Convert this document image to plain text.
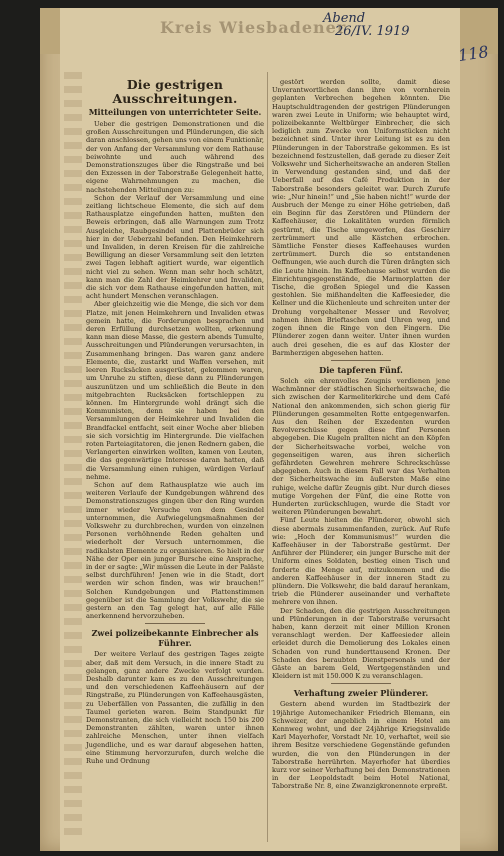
Kreis Wiesbadener
Abend
26/IV. 1919
118
Die gestrigen Ausschreitungen.
Mitteilungen von unterrichteter Seite.

Ueber die gestrigen Demonstrationen und die großen Ausschreitungen und Plünderungen, die sich daran anschlossen, gehen uns von einem Funktionär, der von Anfang der Versammlung vor dem Rathause beiwohnte und auch während des Demonstrationszuges über die Ringstraße und bei den Exzessen in der Taborstraße Gelegenheit hatte, eigene Wahrnehmungen zu machen, die nachstehenden Mitteilungen zu:

Schon der Verlauf der Versammlung und eine zeitlang lichtscheue Elemente, die sich auf dem Rathausplatze eingefunden hatten, mußten den Beweis erbringen, daß alle Warnungen zum Trotz Ausgleiche, Raubgesindel und Plattenbrüder sich hier in der Ueberzahl befanden. Den Heimkehrern und Invaliden, in deren Kreisen für die zahlreiche Bewilligung an dieser Versammlung seit den letzten zwei Tagen lebhaft agitiert wurde, war eigentlich nicht viel zu sehen. Wenn man sehr hoch schätzt, kann man die Zahl der Heimkehrer und Invaliden, die sich vor dem Rathause eingefunden hatten, mit acht hundert Menschen veranschlagen.

Aber gleichzeitig wie die Menge, die sich vor dem Platze, mit jenen Heimkehrern und Invaliden etwas gemein hatte, die Forderungen besprachen und deren Erfüllung durchsetzen wollten, erkennung kann man diese Masse, die gestern abends Tumulte, Ausschreitungen und Plünderungen verursachten, in Zusammenhang bringen. Das waren ganz andere Elemente, die, zustarkt und Waffen versehen, mit leeren Rucksäcken ausgerüstet, gekommen waren, um Unruhe zu stiften, diese dann zu Plünderungen auszunützen und um schließlich die Beute in den mitgebrachten Rucksäcken fortschleppen zu können. Im Hintergrunde wohl drängt sich die Kommunisten, denn sie haben bei den Versammlungen der Heimkehrer und Invaliden die Brandfackel entfacht, seit einer Woche aber blieben sie sich vorsichtig im Hintergrunde. Die vielfachen roten Parteiagitatoren, die jenen Rednern gaben, die Verlangerten einwirken wollten, kamen von Leuten, die das gegenwärtige Interesse daran hatten, daß die Versammlung einen ruhigen, würdigen Verlauf nehme.

Schon auf dem Rathausplatze wie auch im weiteren Verlaufe der Kundgebungen während des Demonstrationszuges gingen über den Ring wurden immer wieder Versuche von dem Gesindel unternommen, die Aufwiegelungsmaßnahmen der Volkswehr zu durchbrechen, wurden von einzelnen Personen verhöhnende Reden gehalten und wiederholt der Versuch unternommen, die radikalsten Elemente zu organisieren. So hielt in der Nähe der Oper ein junger Bursche eine Ansprache, in der er sagte: „Wir müssen die Leute in der Paläste selbst durchführen! Jenen wie in die Stadt, dort werden wir schon finden, was wir brauchen!“ Solchen Kundgebungen und Plattenstimmen gegenüber ist die Sammlung der Volkswehr, die sie gestern an den Tag gelegt hat, auf alle Fälle anerkennend hervorzuheben.

Zwei polizeibekannte Einbrecher als Führer.

Der weitere Verlauf des gestrigen Tages zeigte aber, daß mit dem Versuch, in die innere Stadt zu gelangen, ganz andere Zwecke verfolgt wurden. Deshalb darunter kam es zu den Ausschreitungen und den verschiedenen Kaffeehäusern auf der Ringstraße, zu Plünderungen von Kaffeehausgästen, zu Ueberfällen von Passanten, die zufällig in den Taumel gerieten waren. Beim Standpunkt für Demonstranten, die sich vielleicht noch 150 bis 200 Demonstranten zählten, waren unter ihnen zahlreiche Menschen, unter ihnen vielfach Jugendliche, und es war darauf abgesehen hatten, eine Stimmung hervorzurufen, durch welche die Ruhe und Ordnung

gestört werden sollte, damit diese Unverantwortlichen dann ihre von vornherein geplanten Verbrechen begehen könnten. Die Hauptschuldtragenden der gestrigen Plünderungen waren zwei Leute in Uniform; wie behauptet wird, polizeibekannte Weltbürger Einbrecher, die sich lediglich zum Zwecke von Uniformstücken nicht bezeichnet sind. Unter ihrer Leitung ist es zu den Plünderungen in der Taborstraße gekommen. Es ist bezeichnend festzustellen, daß gerade zu dieser Zeit Volkswehr und Sicherheitswache an anderen Stellen in Verwendung gestanden sind, und daß der Ueberfall auf das Café Produktion in der Taborstraße besonders geleitet war. Durch Zurufe wie: „Nur hinein!“ und „Sie haben nicht!“ wurde der Ausbruch der Menge zu einer Höhe getrieben, daß ein Beginn für das Zerstören und Plündern der Kaffeehäuser, die Lokalitäten wurden förmlich gestürmt, die Tische umgeworfen, das Geschirr zertrümmert und alle Kästchen erbrochen. Sämtliche Fenster dieses Kaffeehauses wurden zertrümmert. Durch die so entstandenen Oeffnungen, wie auch durch die Türen drängten sich die Leute hinein. Im Kaffeehause selbst wurden die Einrichtungsgegenstände, die Marmorplatten der Tische, die großen Spiegel und die Kassen gestohlen. Sie mißhandelten die Kaffeesieder, die Kellner und die Küchenleute und schreiten unter der Drohung vorgehaltener Messer und Revolver, nahmen ihnen Brieftaschen und Uhren weg, und zogen ihnen die Ringe von den Fingern. Die Plünderer zogen dann weiter. Unter ihnen wurden auch drei gesehen, die es auf das Kloster der Barmherzigen abgesehen hatten.

Die tapferen Fünf.

Solch ein ehrenvolles Zeugnis verdienen jene Wachmänner der städtischen Sicherheitswache, die sich zwischen der Karmeliterkirche und dem Café National den ankommenden, sich schon gierig für Plünderungen gesammelten Rotte entgegenwarfen. Aus den Reihen der Exzedenten wurden Revolverschüsse gegen diese fünf Personen abgegeben. Die Kugeln prallten nicht an den Köpfen der Sicherheitswache vorbei, welche von gegenseitigen waren, aus ihren sicherlich gefährdeten Gewehren mehrere Schreckschüsse abgegeben. Auch in diesem Fall war das Verhalten der Sicherheitswache im äußersten Maße eine ruhige, welche dafür Zeugnis gibt. Nur durch dieses mutige Vorgehen der Fünf, die eine Rotte von Hunderten zurückschlugen, wurde die Stadt vor weiteren Plünderungen bewahrt.

Fünf Leute hielten die Plünderer, obwohl sich diese abermals zusammenfanden, zurück. Auf Rufe wie: „Hoch der Kommunismus!“ wurden die Kaffeehäuser in der Taborstraße gestürmt. Der Anführer der Plünderer, ein junger Bursche mit der Uniform eines Soldaten, bestieg einen Tisch und forderte die Menge auf, mitzukommen und die anderen Kaffeehäuser in der inneren Stadt zu plündern. Die Volkswehr, die bald darauf herankam, trieb die Plünderer auseinander und verhaftete mehrere von ihnen.

Der Schaden, den die gestrigen Ausschreitungen und Plünderungen in der Taborstraße verursacht haben, kann derzeit mit einer Million Kronen veranschlagt werden. Der Kaffeesieder allein erleidet durch die Demolierung des Lokales einen Schaden von rund hunderttausend Kronen. Der Schaden des beraubten Dienstpersonals und der Gäste an barem Geld, Wertgegenständen und Kleidern ist mit 150.000 K zu veranschlagen.

Verhaftung zweier Plünderer.

Gestern abend wurden im Stadtbezirk der 19jährige Automechaniker Friedrich Blemann, ein Schweizer, der angeblich in einem Hotel am Kennweg wohnt, und der 24jährige Kriegsinvalide Karl Mayerhofer, Vorstadt Nr. 10, verhaftet, weil sie ihrem Besitze verschiedene Gegenstände gefunden wurden, die von den Plünderungen in der Taborstraße herrührten. Mayerhofer hat überdies kurz vor seiner Verhaftung bei den Demonstrationen in der Leopoldstadt beim Hotel National, Taborstraße Nr. 8, eine Zwanzigkronennote erpreßt.
